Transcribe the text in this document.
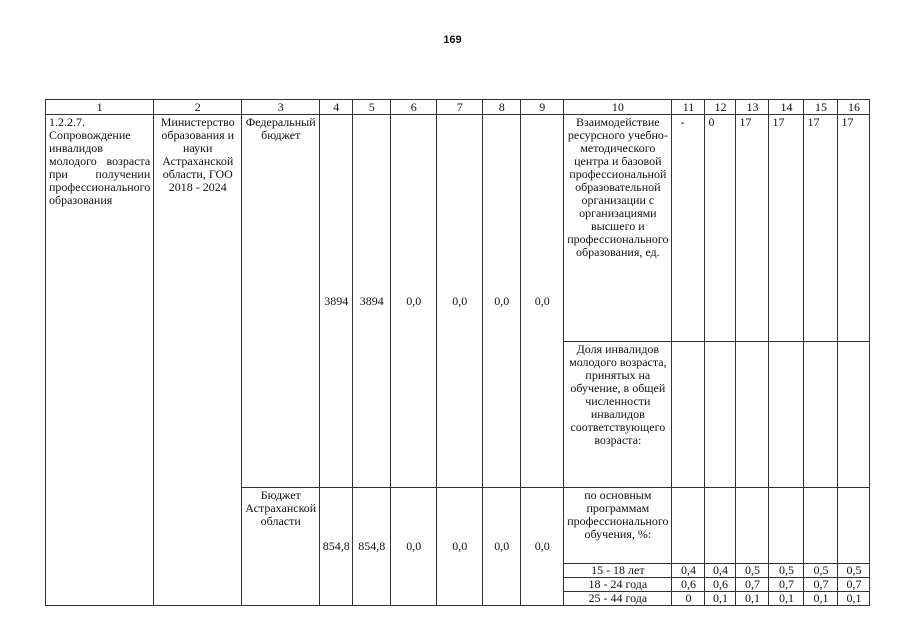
169
1	2	3	4	5	6	7	8	9	10	11	12	13	14	15	16
1.2.2.7. Сопровождение инвалидов молодого возраста при получении профессионального образования	Министерство образования и науки Астраханской области, ГОО 2018 - 2024	Федеральный бюджет	3894	3894	0,0	0,0	0,0	0,0	Взаимодействие ресурсного учебно-методического центра и базовой профессиональной образовательной организации с организациями высшего и профессионального образования, ед.	-	0	17	17	17	17
									Доля инвалидов молодого возраста, принятых на обучение, в общей численности инвалидов соответствующего возраста:						
		Бюджет Астраханской области	854,8	854,8	0,0	0,0	0,0	0,0	по основным программам профессионального обучения, %:						
									15 - 18 лет	0,4	0,4	0,5	0,5	0,5	0,5
									18 - 24 года	0,6	0,6	0,7	0,7	0,7	0,7
									25 - 44 года	0	0,1	0,1	0,1	0,1	0,1
